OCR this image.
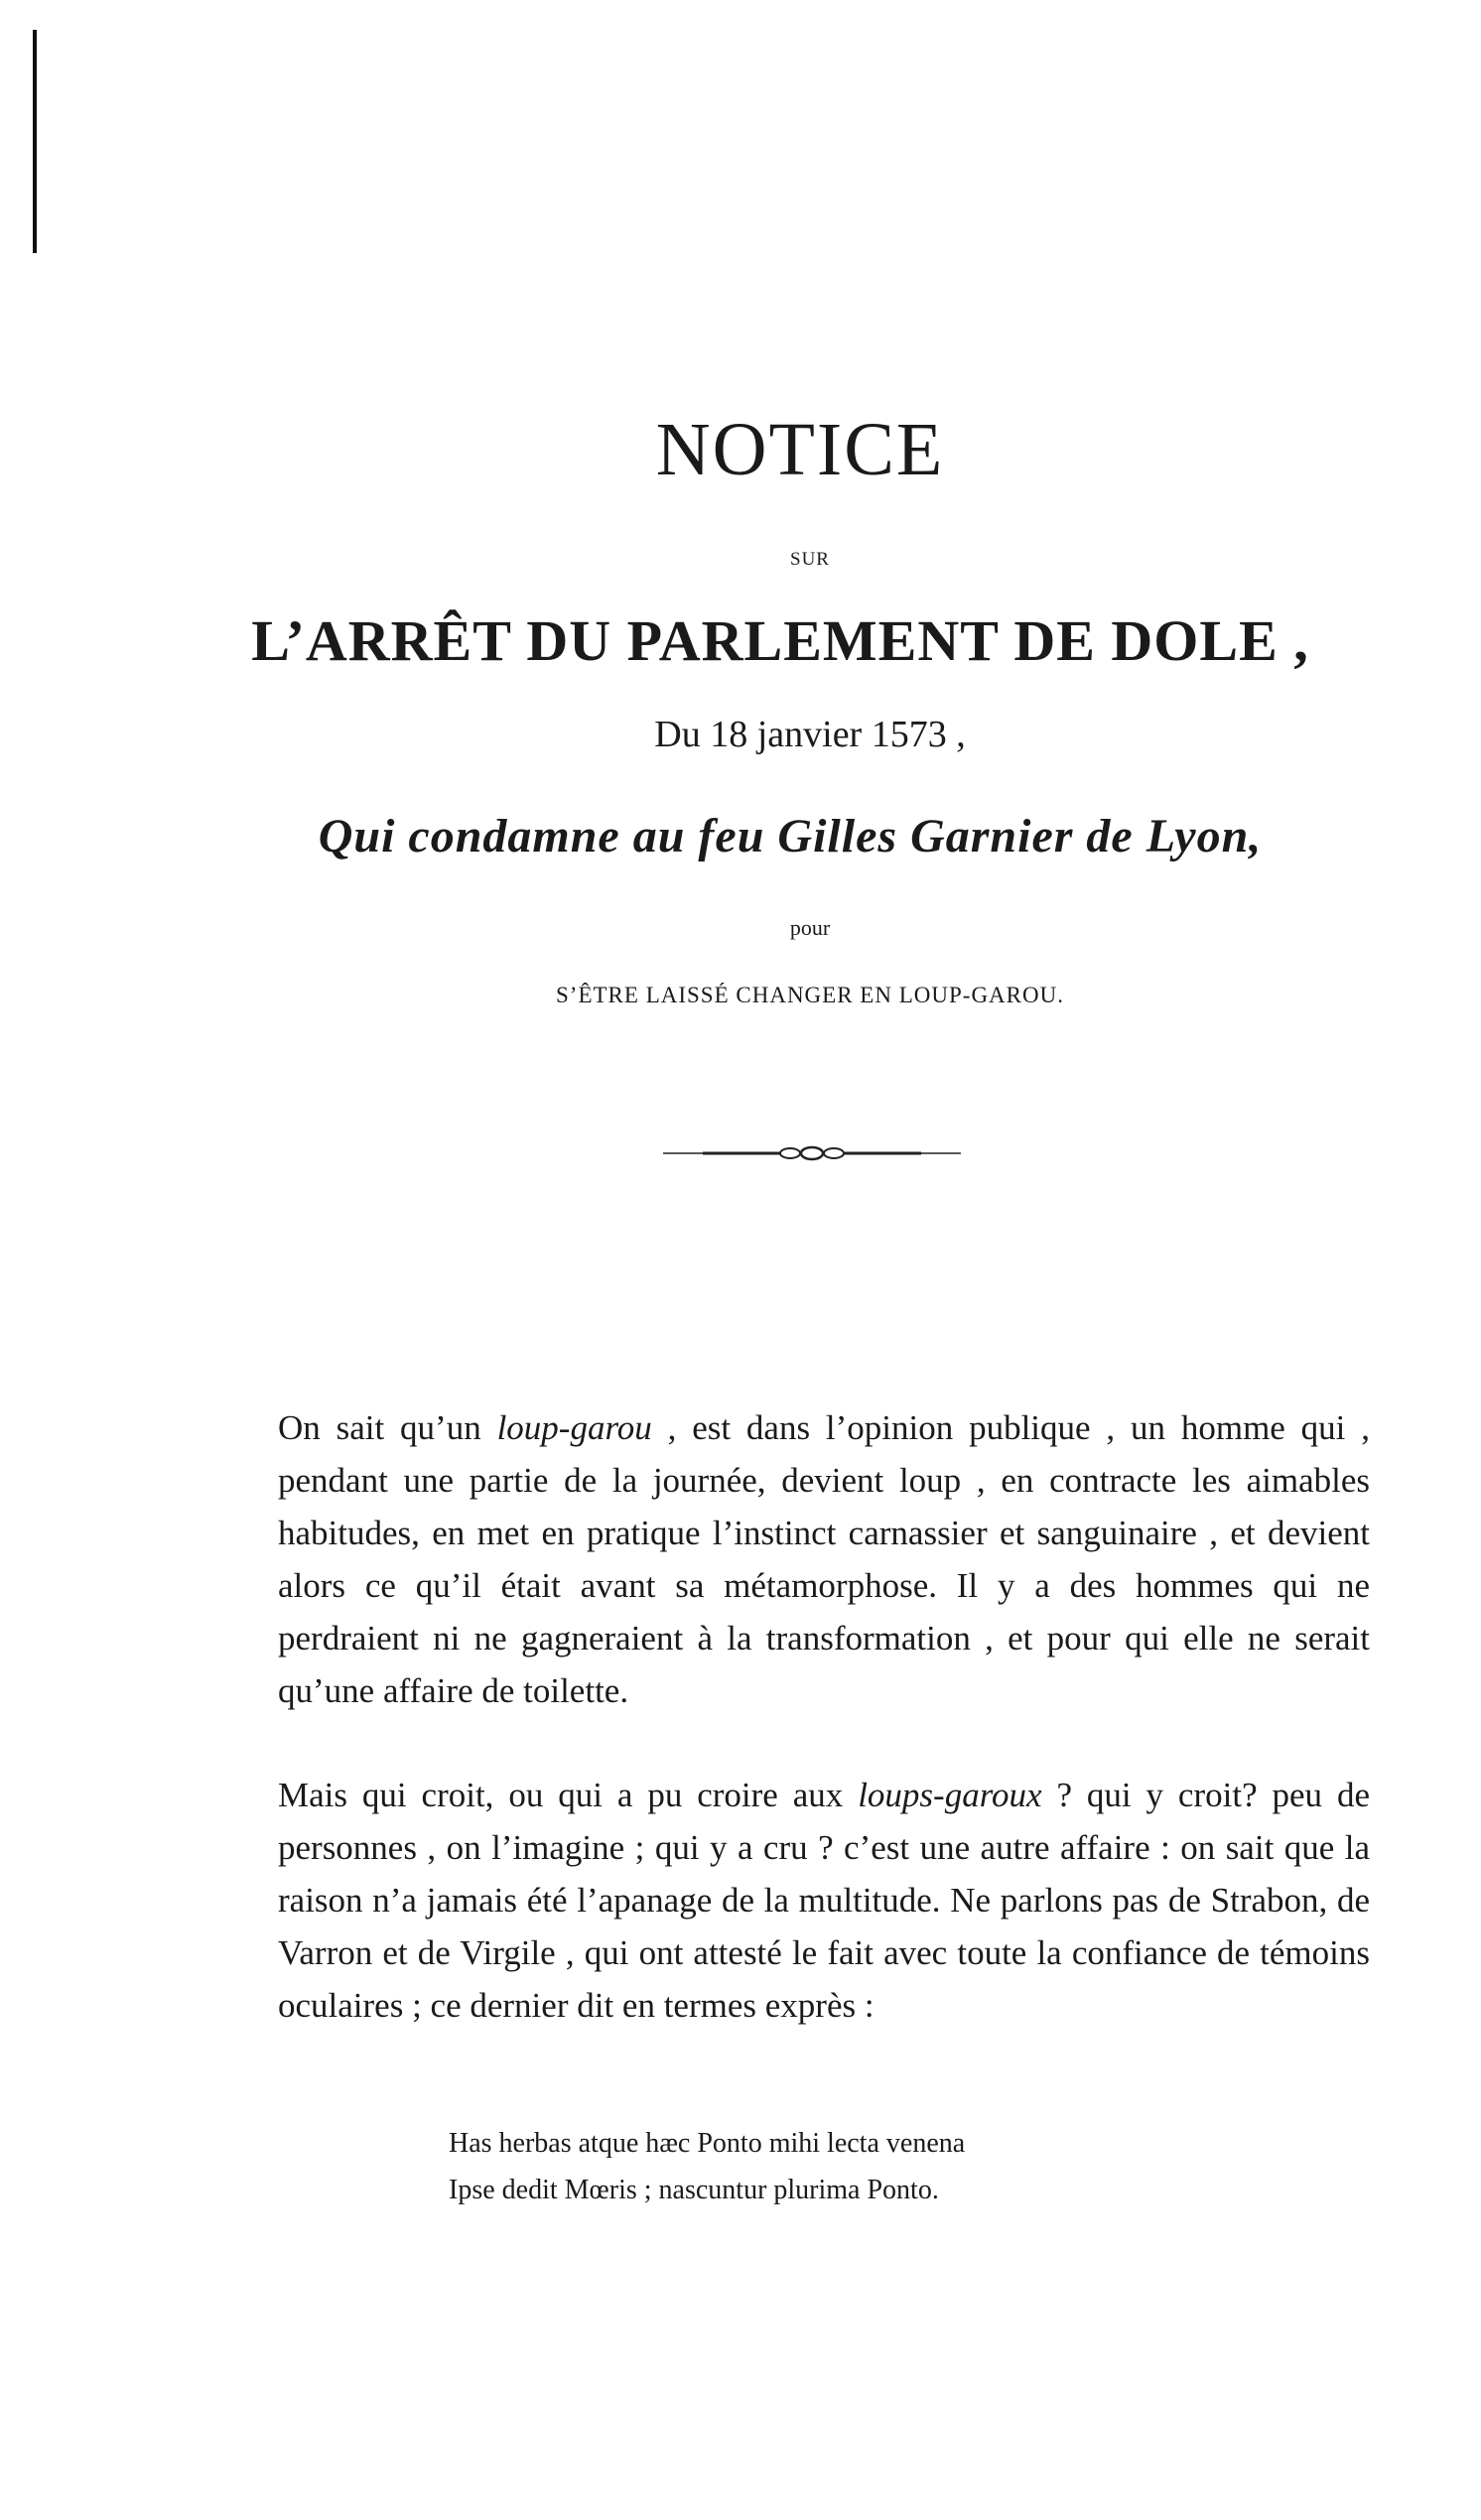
NOTICE
SUR
L’ARRÊT DU PARLEMENT DE DOLE ,
Du 18 janvier 1573 ,
Qui condamne au feu Gilles Garnier de Lyon,
pour
S’ÊTRE LAISSÉ CHANGER EN LOUP-GAROU.

On sait qu’un loup-garou , est dans l’opinion publique , un homme qui , pendant une partie de la journée, devient loup , en contracte les aimables habitudes, en met en pratique l’instinct carnassier et sanguinaire , et devient alors ce qu’il était avant sa métamorphose. Il y a des hommes qui ne perdraient ni ne gagneraient à la transformation , et pour qui elle ne serait qu’une affaire de toilette.

Mais qui croit, ou qui a pu croire aux loups-garoux ? qui y croit? peu de personnes , on l’imagine ; qui y a cru ? c’est une autre affaire : on sait que la raison n’a jamais été l’apanage de la multitude. Ne parlons pas de Strabon, de Varron et de Virgile , qui ont attesté le fait avec toute la confiance de témoins oculaires ; ce dernier dit en termes exprès :

Has herbas atque hæc Ponto mihi lecta venena

Ipse dedit Mœris ; nascuntur plurima Ponto.
